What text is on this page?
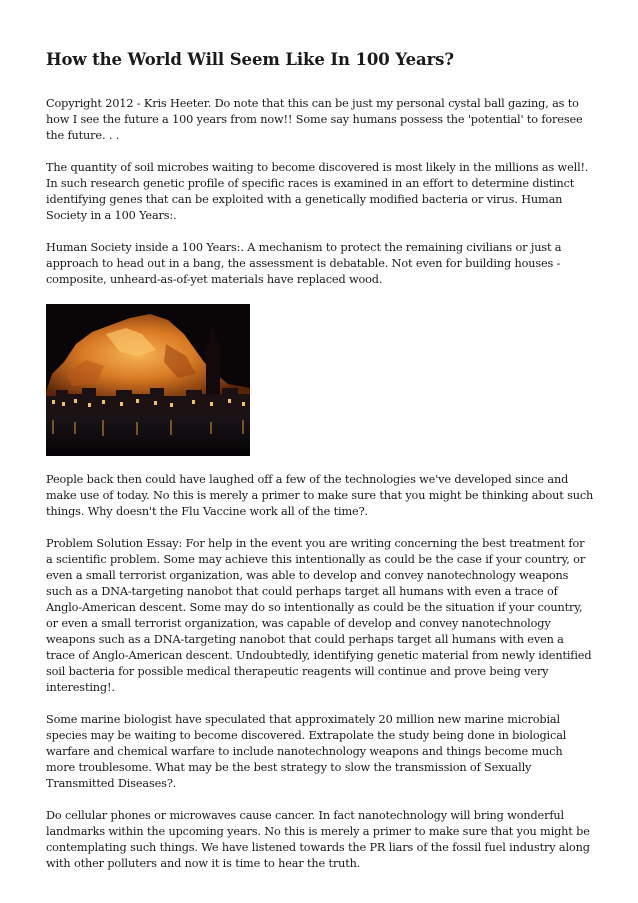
How the World Will Seem Like In 100 Years?

Copyright 2012 - Kris Heeter. Do note that this can be just my personal cystal ball gazing, as to how I see the future a 100 years from now!! Some say humans possess the 'potential' to foresee the future. . .

The quantity of soil microbes waiting to become discovered is most likely in the millions as well!. In such research genetic profile of specific races is examined in an effort to determine distinct identifying genes that can be exploited with a genetically modified bacteria or virus. Human Society in a 100 Years:.

Human Society inside a 100 Years:. A mechanism to protect the remaining civilians or just a approach to head out in a bang, the assessment is debatable. Not even for building houses - composite, unheard-as-of-yet materials have replaced wood.

People back then could have laughed off a few of the technologies we've developed since and make use of today. No this is merely a primer to make sure that you might be thinking about such things. Why doesn't the Flu Vaccine work all of the time?.

Problem Solution Essay: For help in the event you are writing concerning the best treatment for a scientific problem. Some may achieve this intentionally as could be the case if your country, or even a small terrorist organization, was able to develop and convey nanotechnology weapons such as a DNA-targeting nanobot that could perhaps target all humans with even a trace of Anglo-American descent. Some may do so intentionally as could be the situation if your country, or even a small terrorist organization, was capable of develop and convey nanotechnology weapons such as a DNA-targeting nanobot that could perhaps target all humans with even a trace of Anglo-American descent. Undoubtedly, identifying genetic material from newly identified soil bacteria for possible medical therapeutic reagents will continue and prove being very interesting!.

Some marine biologist have speculated that approximately 20 million new marine microbial species may be waiting to become discovered. Extrapolate the study being done in biological warfare and chemical warfare to include nanotechnology weapons and things become much more troublesome. What may be the best strategy to slow the transmission of Sexually Transmitted Diseases?.

Do cellular phones or microwaves cause cancer. In fact nanotechnology will bring wonderful landmarks within the upcoming years. No this is merely a primer to make sure that you might be contemplating such things. We have listened towards the PR liars of the fossil fuel industry along with other polluters and now it is time to hear the truth.
